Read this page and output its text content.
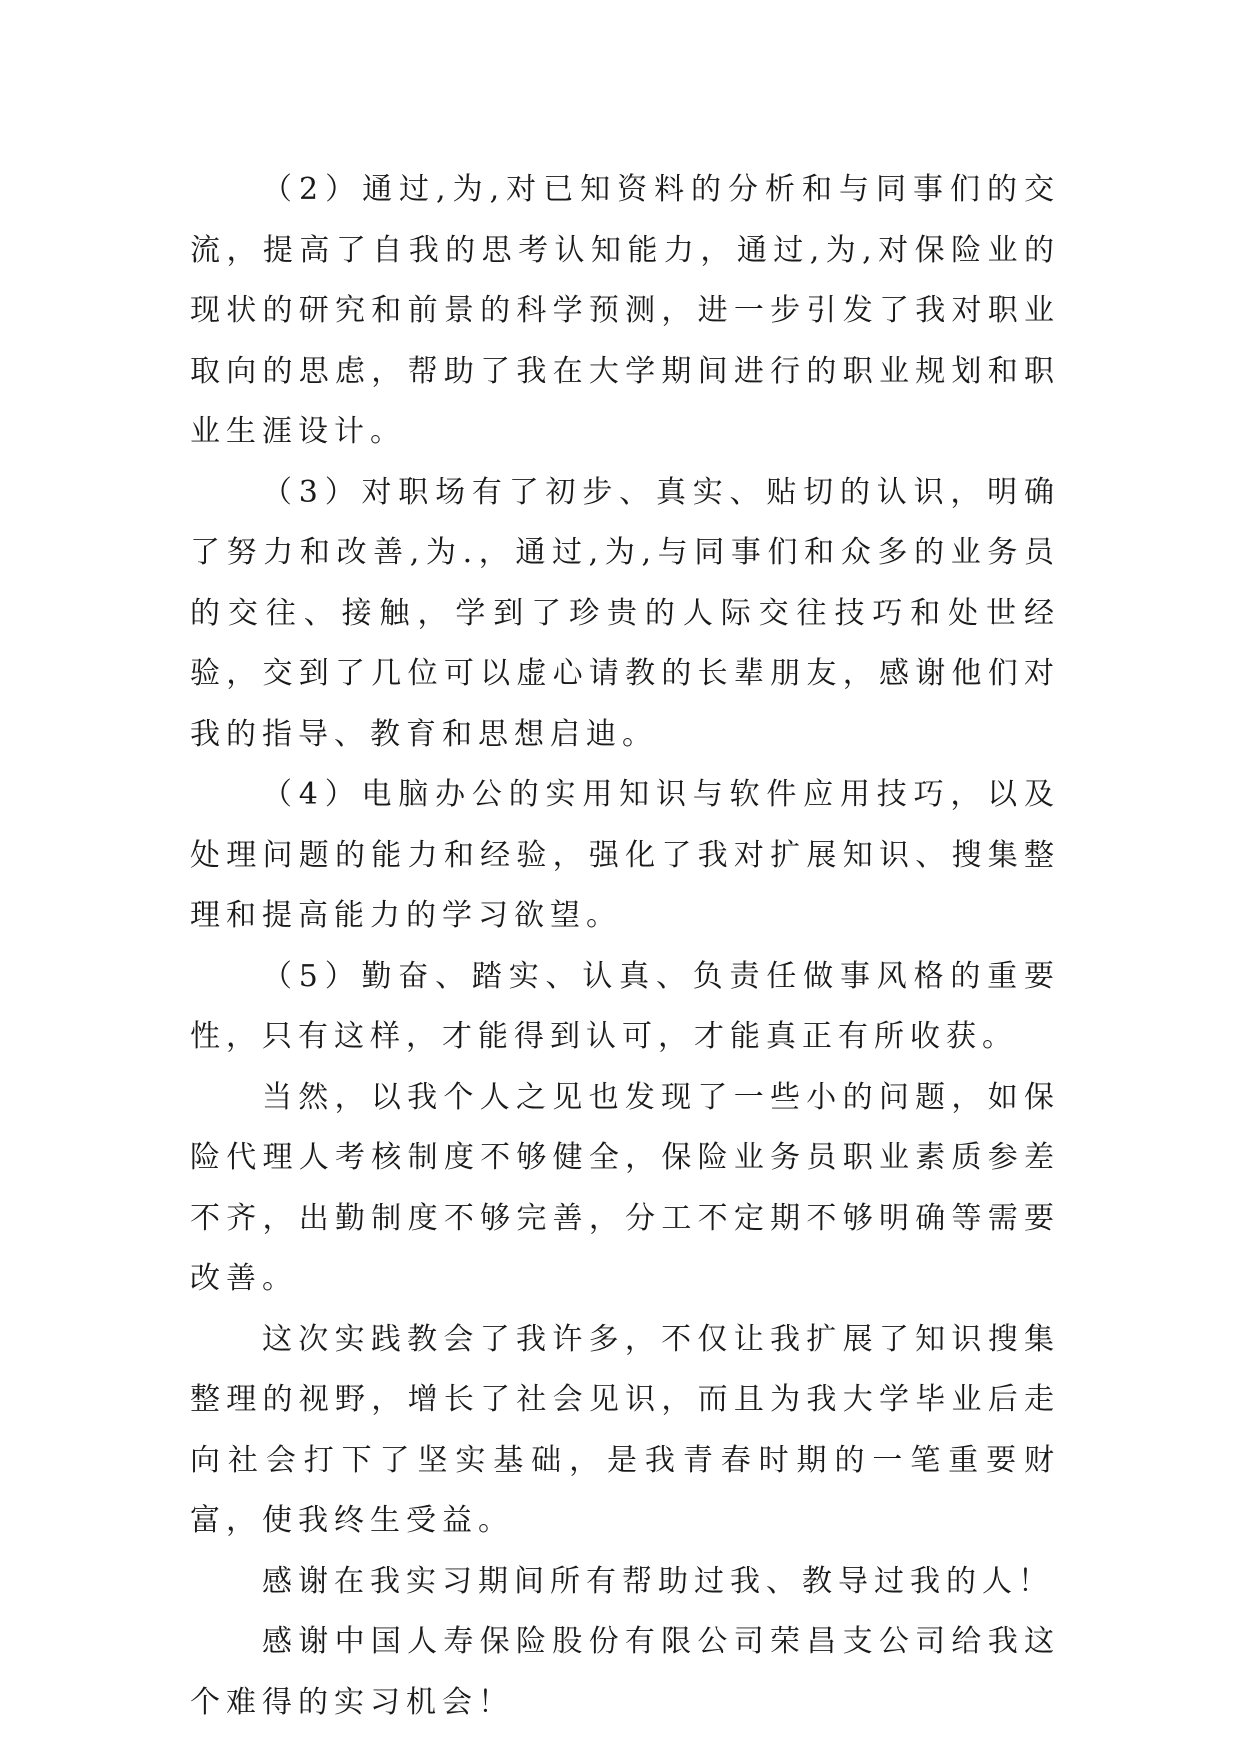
（2）通过,为,对已知资料的分析和与同事们的交流，提高了自我的思考认知能力，通过,为,对保险业的现状的研究和前景的科学预测，进一步引发了我对职业取向的思虑，帮助了我在大学期间进行的职业规划和职业生涯设计。

（3）对职场有了初步、真实、贴切的认识，明确了努力和改善,为.，通过,为,与同事们和众多的业务员的交往、接触，学到了珍贵的人际交往技巧和处世经验，交到了几位可以虚心请教的长辈朋友，感谢他们对我的指导、教育和思想启迪。

（4）电脑办公的实用知识与软件应用技巧，以及处理问题的能力和经验，强化了我对扩展知识、搜集整理和提高能力的学习欲望。

（5）勤奋、踏实、认真、负责任做事风格的重要性，只有这样，才能得到认可，才能真正有所收获。

当然，以我个人之见也发现了一些小的问题，如保险代理人考核制度不够健全，保险业务员职业素质参差不齐，出勤制度不够完善，分工不定期不够明确等需要改善。

这次实践教会了我许多，不仅让我扩展了知识搜集整理的视野，增长了社会见识，而且为我大学毕业后走向社会打下了坚实基础，是我青春时期的一笔重要财富，使我终生受益。

感谢在我实习期间所有帮助过我、教导过我的人！

感谢中国人寿保险股份有限公司荣昌支公司给我这个难得的实习机会！
